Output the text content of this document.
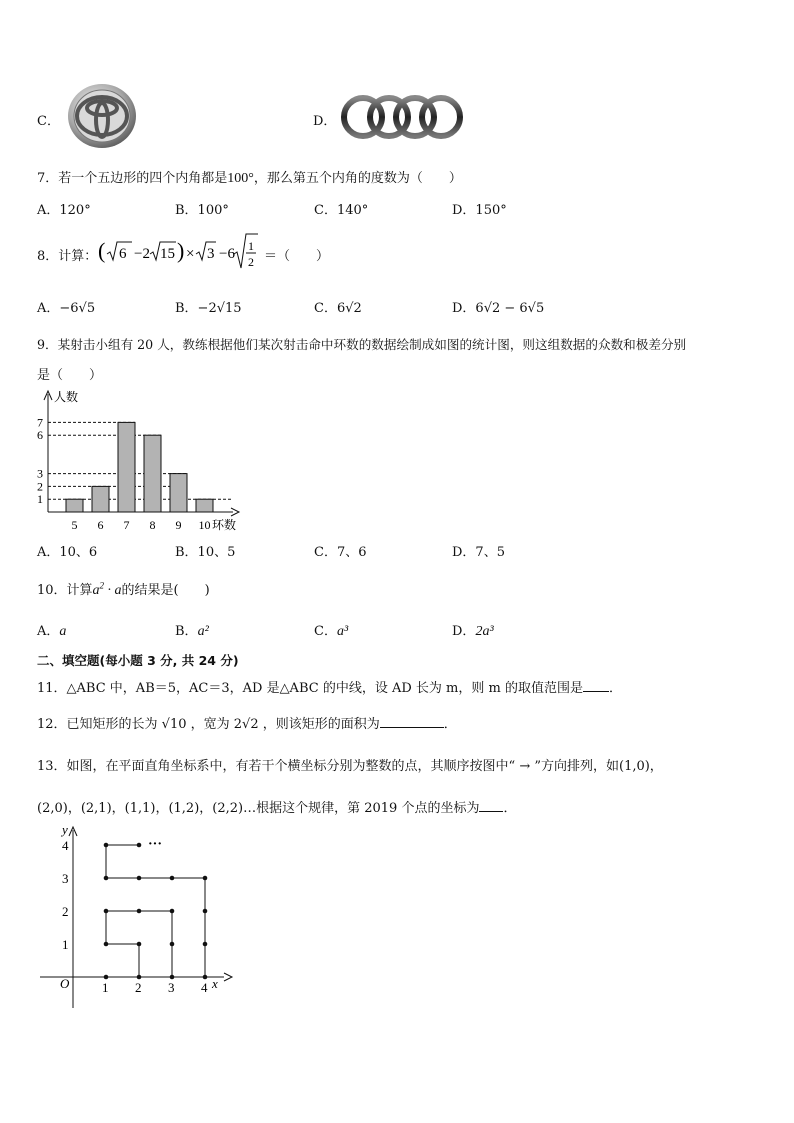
C．	D．
7．若一个五边形的四个内角都是100°，那么第五个内角的度数为（　　）
A．120°	B．100°	C．140°	D．150°
8．计算： ( 6 −2 15 ) × 3 −6 1
2 ＝（　　）
A．−6√5	B．−2√15	C．6√2	D．6√2 − 6√5
9．某射击小组有 20 人，教练根据他们某次射击命中环数的数据绘制成如图的统计图，则这组数据的众数和极差分别
是（　　）
人数
1
2
3
6
7
5 6 7 8 9 10 环数
A．10、6	B．10、5	C．7、6	D．7、5
10．计算$a^2 \cdot a$的结果是(　　)
A．a	B．a²	C．a³	D．2a³
二、填空题(每小题 3 分, 共 24 分)
11．△ABC 中，AB＝5，AC＝3，AD 是△ABC 的中线，设 AD 长为 m，则 m 的取值范围是 ．
12．已知矩形的长为 √10 ，宽为 2√2 ，则该矩形的面积为	．
13．如图，在平面直角坐标系中，有若干个横坐标分别为整数的点，其顺序按图中“ → ”方向排列，如(1,0)，
(2,0)，(2,1)，(1,1)，(1,2)，(2,2)…根据这个规律，第 2019 个点的坐标为 ．
x
y
O	1 2 3 4
1
2
3
4	···
